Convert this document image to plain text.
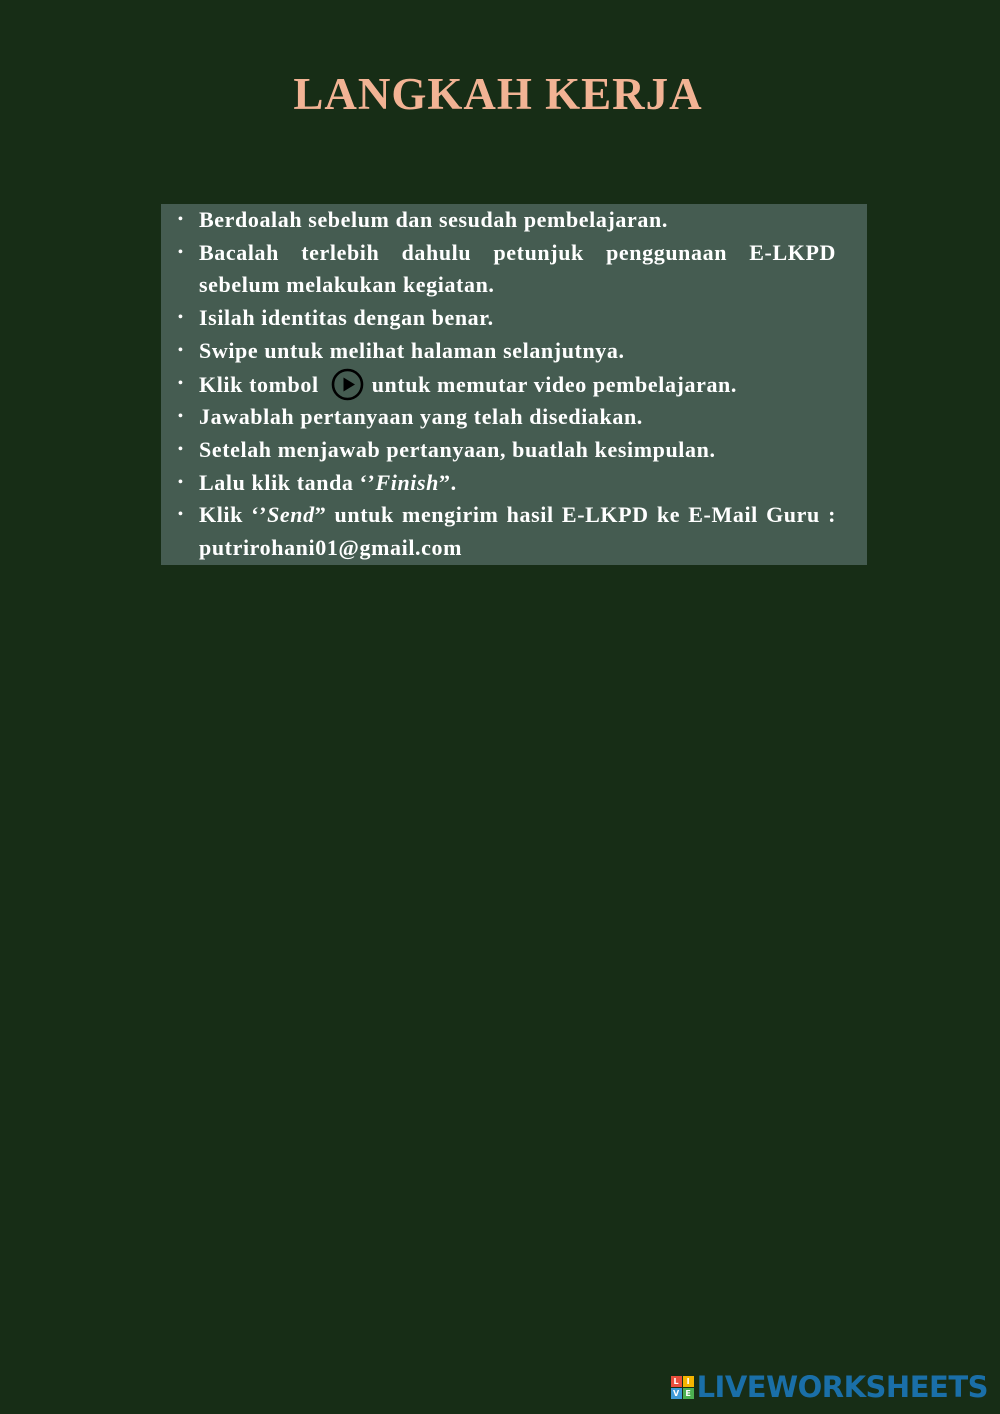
LANGKAH KERJA
• Berdoalah sebelum dan sesudah pembelajaran.
• Bacalah terlebih dahulu petunjuk penggunaan E-LKPD sebelum melakukan kegiatan.
• Isilah identitas dengan benar.
• Swipe untuk melihat halaman selanjutnya.
• Klik tombol untuk memutar video pembelajaran.
• Jawablah pertanyaan yang telah disediakan.
• Setelah menjawab pertanyaan, buatlah kesimpulan.
• Lalu klik tanda ‘’Finish”.
• Klik ‘’Send” untuk mengirim hasil E-LKPD ke E-Mail Guru : putrirohani01@gmail.com
L I
V E LIVEWORKSHEETS
